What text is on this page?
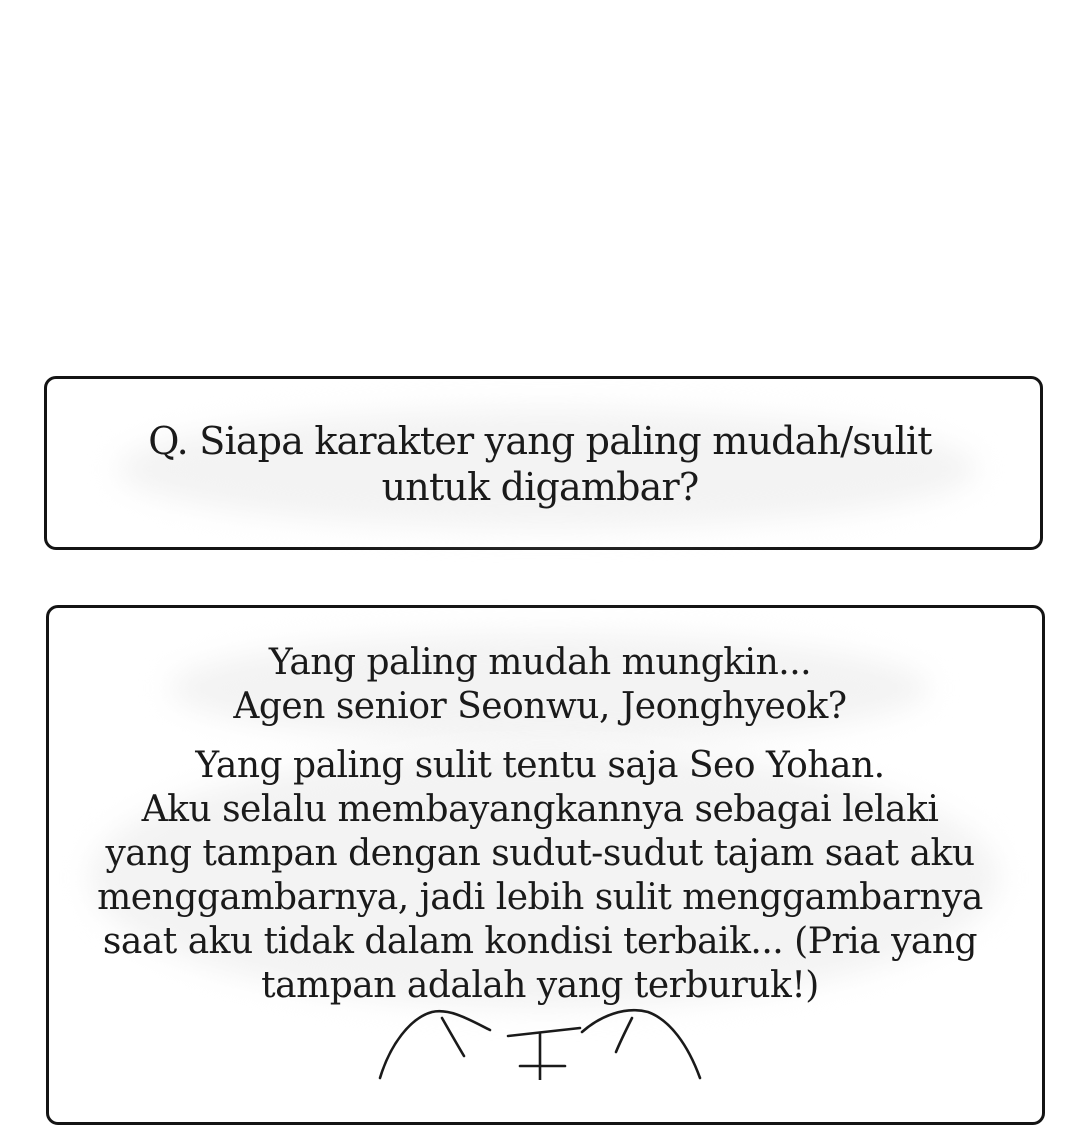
Q. Siapa karakter yang paling mudah/sulit
untuk digambar?
Yang paling mudah mungkin...
Agen senior Seonwu, Jeonghyeok?
Yang paling sulit tentu saja Seo Yohan.
Aku selalu membayangkannya sebagai lelaki
yang tampan dengan sudut-sudut tajam saat aku
menggambarnya, jadi lebih sulit menggambarnya
saat aku tidak dalam kondisi terbaik... (Pria yang
tampan adalah yang terburuk!)
